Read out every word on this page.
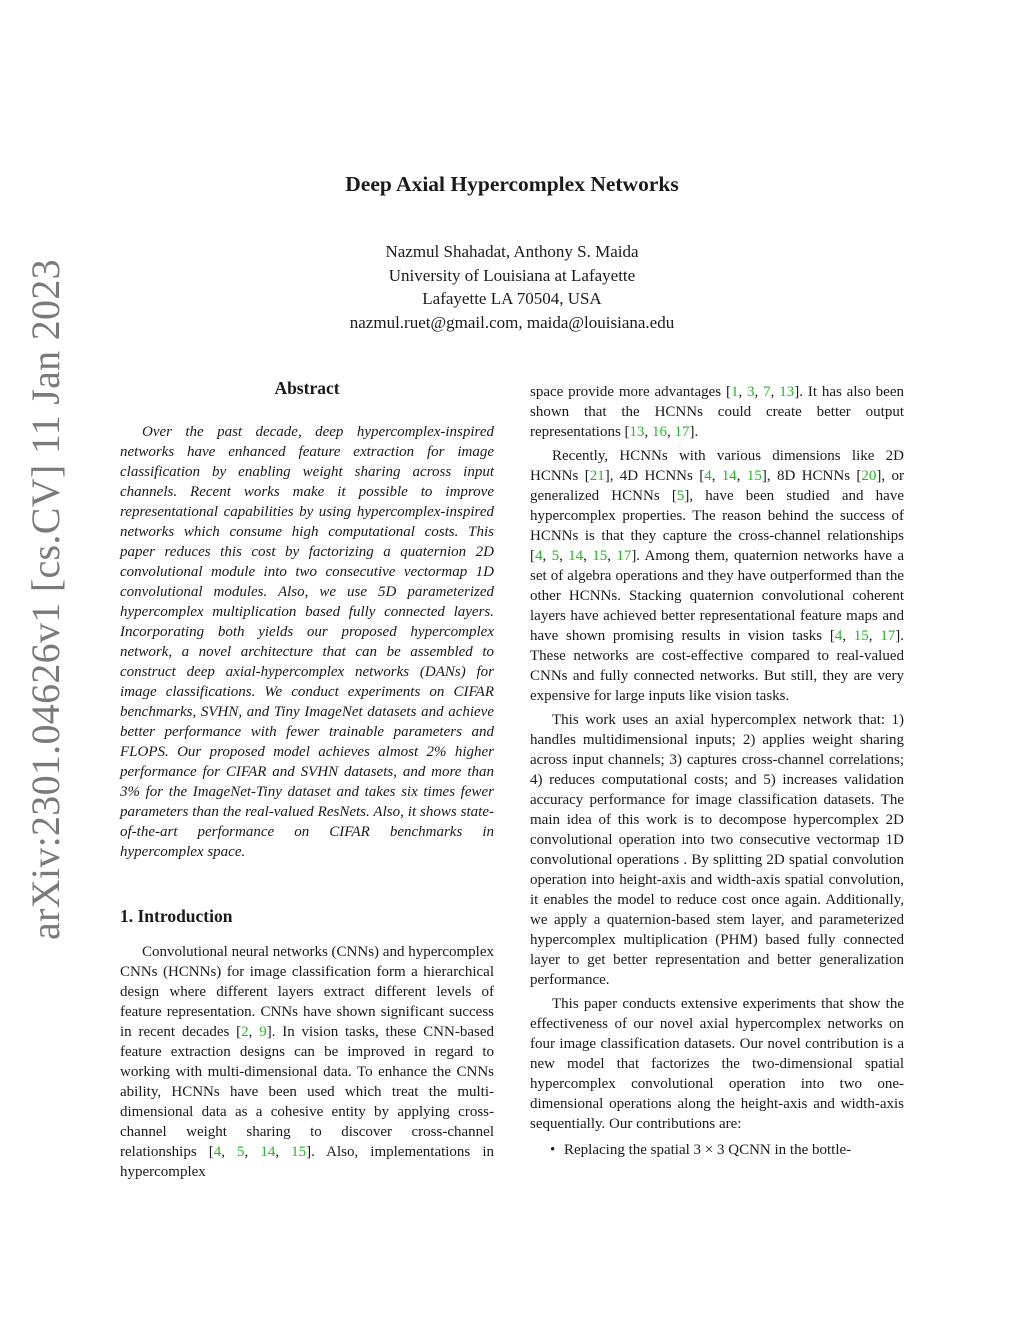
arXiv:2301.04626v1 [cs.CV] 11 Jan 2023
Deep Axial Hypercomplex Networks
Nazmul Shahadat, Anthony S. Maida
University of Louisiana at Lafayette
Lafayette LA 70504, USA
nazmul.ruet@gmail.com, maida@louisiana.edu
Abstract

Over the past decade, deep hypercomplex-inspired networks have enhanced feature extraction for image classification by enabling weight sharing across input channels. Recent works make it possible to improve representational capabilities by using hypercomplex-inspired networks which consume high computational costs. This paper reduces this cost by factorizing a quaternion 2D convolutional module into two consecutive vectormap 1D convolutional modules. Also, we use 5D parameterized hypercomplex multiplication based fully connected layers. Incorporating both yields our proposed hypercomplex network, a novel architecture that can be assembled to construct deep axial-hypercomplex networks (DANs) for image classifications. We conduct experiments on CIFAR benchmarks, SVHN, and Tiny ImageNet datasets and achieve better performance with fewer trainable parameters and FLOPS. Our proposed model achieves almost 2% higher performance for CIFAR and SVHN datasets, and more than 3% for the ImageNet-Tiny dataset and takes six times fewer parameters than the real-valued ResNets. Also, it shows state-of-the-art performance on CIFAR benchmarks in hypercomplex space.

1. Introduction

Convolutional neural networks (CNNs) and hypercomplex CNNs (HCNNs) for image classification form a hierarchical design where different layers extract different levels of feature representation. CNNs have shown significant success in recent decades [2, 9]. In vision tasks, these CNN-based feature extraction designs can be improved in regard to working with multi-dimensional data. To enhance the CNNs ability, HCNNs have been used which treat the multi-dimensional data as a cohesive entity by applying cross-channel weight sharing to discover cross-channel relationships [4, 5, 14, 15]. Also, implementations in hypercomplex

space provide more advantages [1, 3, 7, 13]. It has also been shown that the HCNNs could create better output representations [13, 16, 17].

Recently, HCNNs with various dimensions like 2D HCNNs [21], 4D HCNNs [4, 14, 15], 8D HCNNs [20], or generalized HCNNs [5], have been studied and have hypercomplex properties. The reason behind the success of HCNNs is that they capture the cross-channel relationships [4, 5, 14, 15, 17]. Among them, quaternion networks have a set of algebra operations and they have outperformed than the other HCNNs. Stacking quaternion convolutional coherent layers have achieved better representational feature maps and have shown promising results in vision tasks [4, 15, 17]. These networks are cost-effective compared to real-valued CNNs and fully connected networks. But still, they are very expensive for large inputs like vision tasks.

This work uses an axial hypercomplex network that: 1) handles multidimensional inputs; 2) applies weight sharing across input channels; 3) captures cross-channel correlations; 4) reduces computational costs; and 5) increases validation accuracy performance for image classification datasets. The main idea of this work is to decompose hypercomplex 2D convolutional operation into two consecutive vectormap 1D convolutional operations . By splitting 2D spatial convolution operation into height-axis and width-axis spatial convolution, it enables the model to reduce cost once again. Additionally, we apply a quaternion-based stem layer, and parameterized hypercomplex multiplication (PHM) based fully connected layer to get better representation and better generalization performance.

This paper conducts extensive experiments that show the effectiveness of our novel axial hypercomplex networks on four image classification datasets. Our novel contribution is a new model that factorizes the two-dimensional spatial hypercomplex convolutional operation into two one-dimensional operations along the height-axis and width-axis sequentially. Our contributions are:

• Replacing the spatial 3 × 3 QCNN in the bottle-
